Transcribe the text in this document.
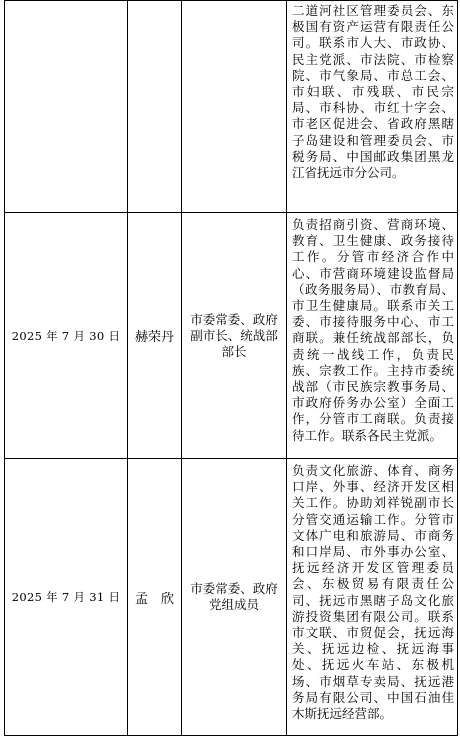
			二道河社区管理委员会、东极国有资产运营有限责任公司。联系市人大、市政协、民主党派、市法院、市检察院、市气象局、市总工会、市妇联、市残联、市民宗局、市科协、市红十字会、市老区促进会、省政府黑瞎子岛建设和管理委员会、市税务局、中国邮政集团黑龙江省抚远市分公司。
2025 年 7 月 30 日	赫荣丹	市委常委、政府副市长、统战部部长	负责招商引资、营商环境、教育、卫生健康、政务接待工作。分管市经济合作中心、市营商环境建设监督局（政务服务局）、市教育局、市卫生健康局。联系市关工委、市接待服务中心、市工商联。兼任统战部部长，负责统一战线工作，负责民族、宗教工作。主持市委统战部（市民族宗教事务局、市政府侨务办公室）全面工作，分管市工商联。负责接待工作。联系各民主党派。
2025 年 7 月 31 日	孟　欣	市委常委、政府党组成员	负责文化旅游、体育、商务口岸、外事、经济开发区相关工作。协助刘祥锐副市长分管交通运输工作。分管市文体广电和旅游局、市商务和口岸局、市外事办公室、抚远经济开发区管理委员会、东极贸易有限责任公司、抚远市黑瞎子岛文化旅游投资集团有限公司。联系市文联、市贸促会，抚远海关、抚远边检、抚远海事处、抚远火车站、东极机场、市烟草专卖局、抚远港务局有限公司、中国石油佳木斯抚远经营部。
